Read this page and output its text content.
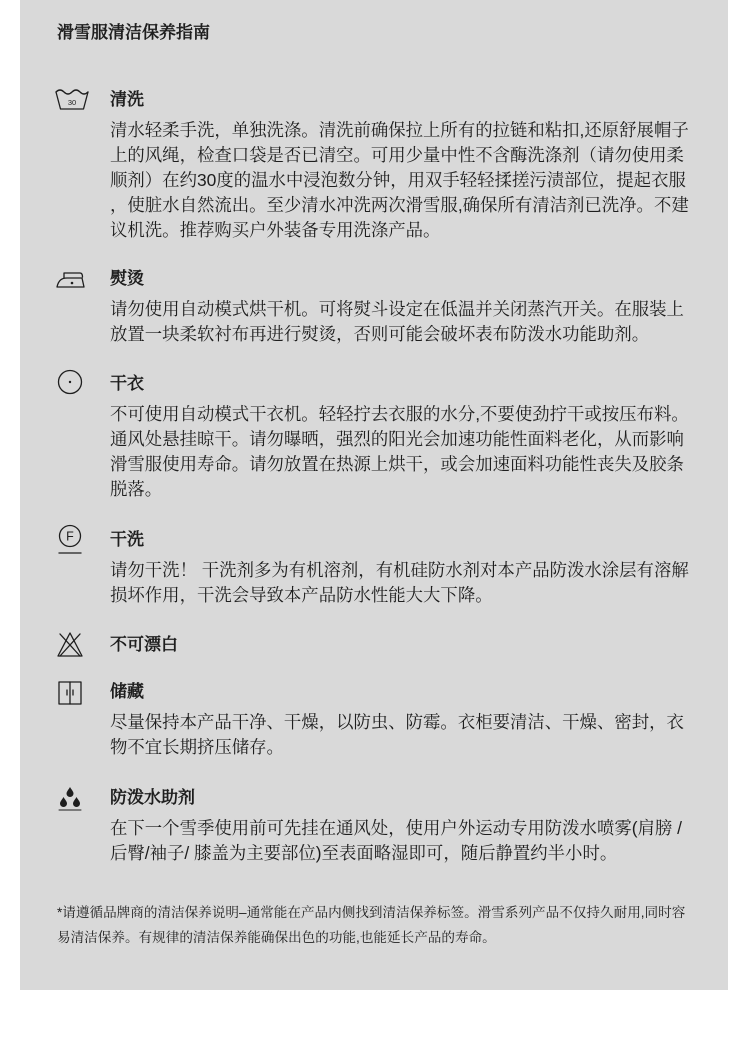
滑雪服清洁保养指南
30 清洗
清水轻柔手洗，单独洗涤。清洗前确保拉上所有的拉链和粘扣,还原舒展帽子
上的风绳，检查口袋是否已清空。可用少量中性不含酶洗涤剂（请勿使用柔
顺剂）在约30度的温水中浸泡数分钟，用双手轻轻揉搓污渍部位，提起衣服
，使脏水自然流出。至少清水冲洗两次滑雪服,确保所有清洁剂已洗净。不建
议机洗。推荐购买户外装备专用洗涤产品。
熨烫
请勿使用自动模式烘干机。可将熨斗设定在低温并关闭蒸汽开关。在服装上
放置一块柔软衬布再进行熨烫，否则可能会破坏表布防泼水功能助剂。
干衣
不可使用自动模式干衣机。轻轻拧去衣服的水分,不要使劲拧干或按压布料。
通风处悬挂晾干。请勿曝晒，强烈的阳光会加速功能性面料老化，从而影响
滑雪服使用寿命。请勿放置在热源上烘干，或会加速面料功能性丧失及胶条
脱落。
F 干洗
请勿干洗！ 干洗剂多为有机溶剂，有机硅防水剂对本产品防泼水涂层有溶解
损坏作用，干洗会导致本产品防水性能大大下降。
不可漂白
储藏
尽量保持本产品干净、干燥，以防虫、防霉。衣柜要清洁、干燥、密封，衣
物不宜长期挤压储存。
防泼水助剂
在下一个雪季使用前可先挂在通风处，使用户外运动专用防泼水喷雾(肩膀 /
后臀/袖子/ 膝盖为主要部位)至表面略湿即可，随后静置约半小时。
*请遵循品牌商的清洁保养说明–通常能在产品内侧找到清洁保养标签。滑雪系列产品不仅持久耐用,同时容
易清洁保养。有规律的清洁保养能确保出色的功能,也能延长产品的寿命。
